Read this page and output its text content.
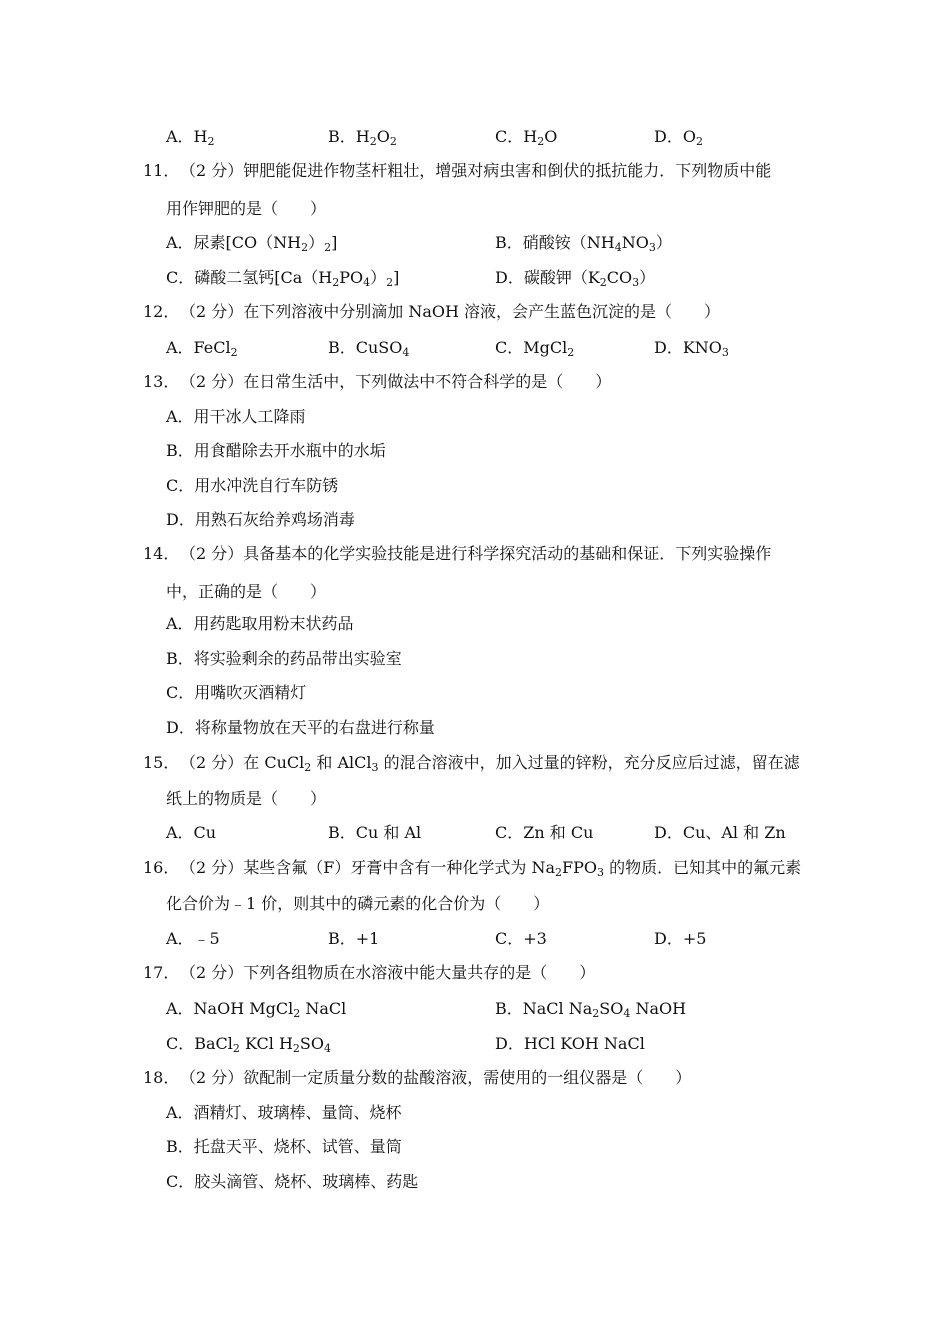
A．$H_2$	B．$H_2O_2$	C．$H_2O$	D．$O_2$
11． （2 分）钾肥能促进作物茎杆粗壮，增强对病虫害和倒伏的抵抗能力．下列物质中能
用作钾肥的是（　　）
A．尿素$[CO(NH_2)_2]$	B．硝酸铵$(NH_4NO_3)$
C．磷酸二氢钙$[Ca(H_2PO_4)_2]$	D．碳酸钾$(K_2CO_3)$
12． （2 分）在下列溶液中分别滴加 NaOH 溶液，会产生蓝色沉淀的是（　　）
A．FeCl$_2$	B．CuSO$_4$	C．MgCl$_2$	D．$KNO_3$
13． （2 分）在日常生活中，下列做法中不符合科学的是（　　）
A．用干冰人工降雨
B．用食醋除去开水瓶中的水垢
C．用水冲洗自行车防锈
D．用熟石灰给养鸡场消毒
14． （2 分）具备基本的化学实验技能是进行科学探究活动的基础和保证．下列实验操作
中，正确的是（　　）
A．用药匙取用粉末状药品
B．将实验剩余的药品带出实验室
C．用嘴吹灭酒精灯
D．将称量物放在天平的右盘进行称量
15． （2 分）在 CuCl$_2$ 和 AlCl$_3$ 的混合溶液中，加入过量的锌粉，充分反应后过滤，留在滤
纸上的物质是（　　）
A．Cu	B．Cu 和 Al	C．Zn 和 Cu	D．Cu、Al 和 Zn
16． （2 分）某些含氟（F）牙膏中含有一种化学式为 $Na_2FPO_3$ 的物质．已知其中的氟元素
化合价为﹣1 价，则其中的磷元素的化合价为（　　）
A．﹣5	B．+1	C．+3	D．+5
17． （2 分）下列各组物质在水溶液中能大量共存的是（　　）
A．NaOH MgCl$_2$ NaCl	B．NaCl $Na_2SO_4$ NaOH
C．BaCl$_2$ KCl $H_2SO_4$	D．HCl KOH NaCl
18． （2 分）欲配制一定质量分数的盐酸溶液，需使用的一组仪器是（　　）
A．酒精灯、玻璃棒、量筒、烧杯
B．托盘天平、烧杯、试管、量筒
C．胶头滴管、烧杯、玻璃棒、药匙
